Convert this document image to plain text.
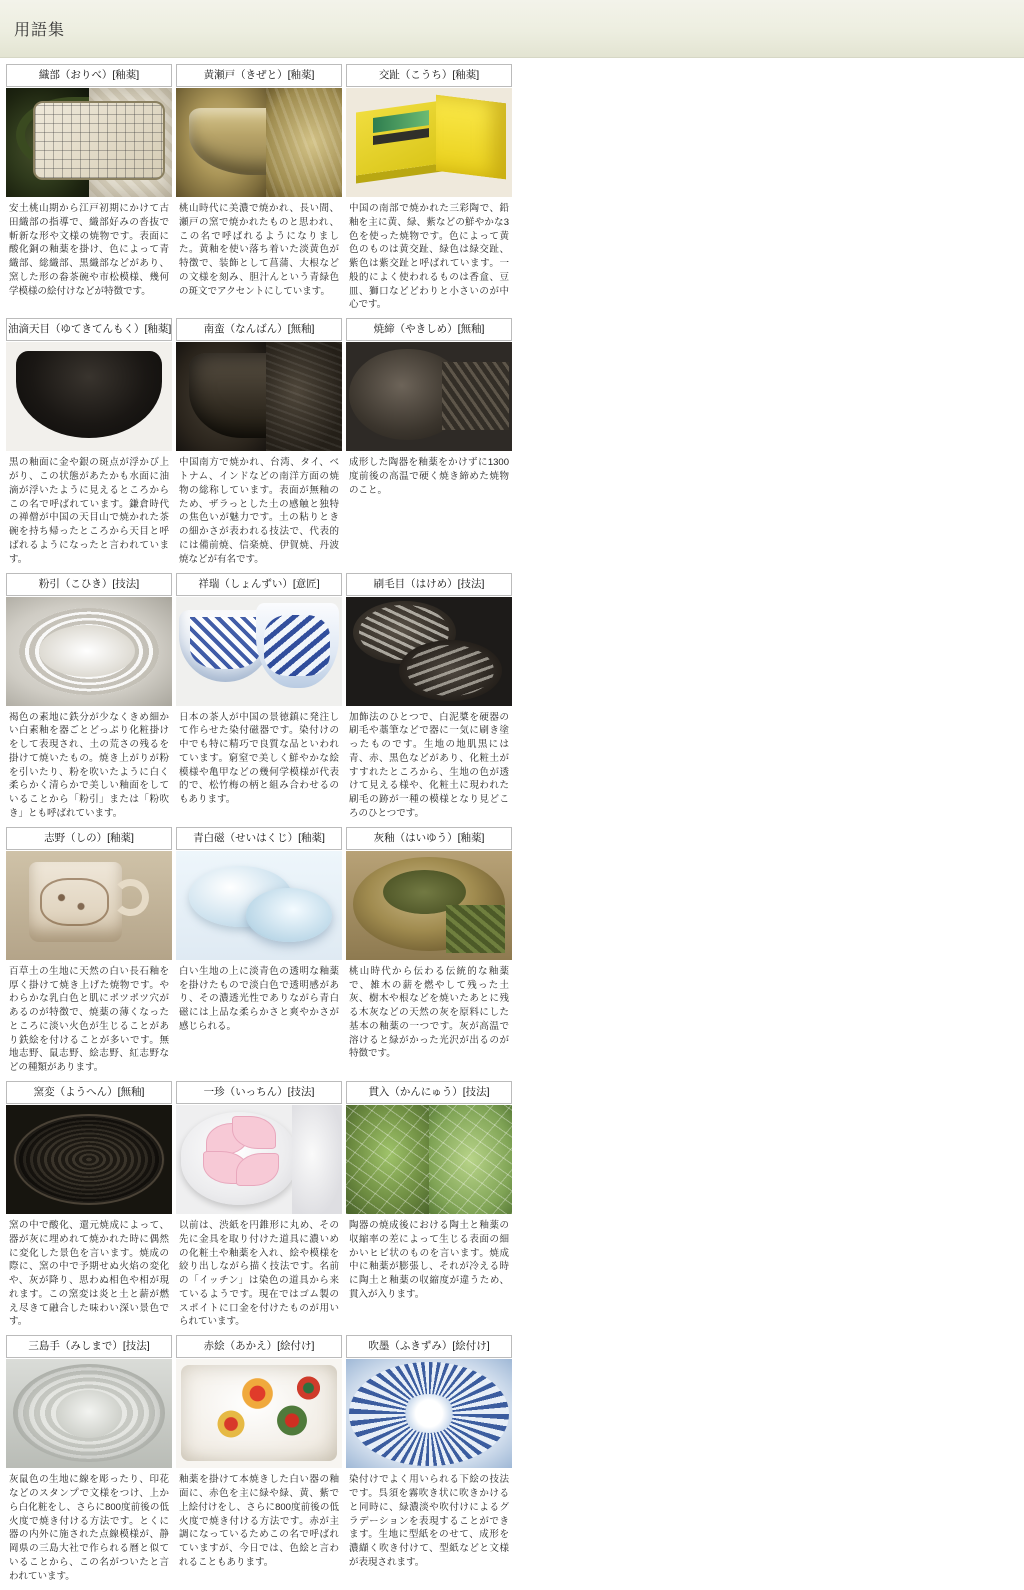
用語集
織部（おりべ）[釉薬]
安土桃山期から江戸初期にかけて古田織部の指導で、織部好みの沓抜で斬新な形や文様の焼物です。表面に酸化銅の釉薬を掛け、色によって青織部、総織部、黒織部などがあり、窯した形の畚茶碗や市松模様、幾何学模様の絵付けなどが特徴です。
黄瀬戸（きぜと）[釉薬]
桃山時代に美濃で焼かれ、長い間、瀬戸の窯で焼かれたものと思われ、この名で呼ばれるようになりました。黄釉を使い落ち着いた淡黄色が特徴で、装飾として菖蒲、大根などの文様を刻み、胆汁んという青緑色の斑文でアクセントにしています。
交趾（こうち）[釉薬]
中国の南部で焼かれた三彩陶で、鉛釉を主に黄、緑、紫などの鮮やかな3色を使った焼物です。色によって黄色のものは黄交趾、緑色は緑交趾、紫色は紫交趾と呼ばれています。一般的によく使われるものは香盒、豆皿、獅口などどわりと小さいのが中心です。
油滴天目（ゆてきてんもく）[釉薬]
黒の釉面に金や銀の斑点が浮かび上がり、この状態があたかも水面に油滴が浮いたように見えるところからこの名で呼ばれています。鎌倉時代の禅僧が中国の天目山で焼かれた茶碗を持ち帰ったところから天目と呼ばれるようになったと言われています。
南蛮（なんばん）[無釉]
中国南方で焼かれ、台湾、タイ、ベトナム、インドなどの南洋方面の焼物の総称しています。表面が無釉のため、ザラっとした土の感触と独特の焦色いが魅力です。土の粘りときの細かさが表われる技法で、代表的には備前焼、信楽焼、伊賀焼、丹波焼などが有名です。
焼締（やきしめ）[無釉]
成形した陶器を釉薬をかけずに1300度前後の高温で硬く焼き締めた焼物のこと。
粉引（こひき）[技法]
褐色の素地に鉄分が少なくきめ細かい白素釉を器ごとどっぷり化粧掛けをして表現され、土の荒さの残るを掛けて焼いたもの。焼き上がりが粉を引いたり、粉を吹いたように白く柔らかく清らかで美しい釉面をしていることから「粉引」または「粉吹き」とも呼ばれています。
祥瑞（しょんずい）[意匠]
日本の茶人が中国の景徳鎮に発注して作らせた染付磁器です。染付けの中でも特に精巧で良質な品といわれています。窮窒で美しく鮮やかな絵模様や亀甲などの幾何学模様が代表的で、松竹梅の柄と組み合わせるのもあります。
刷毛目（はけめ）[技法]
加飾法のひとつで、白泥槳を硬器の刷毛や藁筆などで器に一気に刷き塗ったものです。生地の地肌黒には青、赤、黒色などがあり、化粧土がすすれたところから、生地の色が透けて見える様や、化粧土に現われた刷毛の跡が一種の模様となり見どころのひとつです。
志野（しの）[釉薬]
百草土の生地に天然の白い長石釉を厚く掛けて焼き上げた焼物です。やわらかな乳白色と肌にポツポツ穴があるのが特徴で、焼薬の薄くなったところに淡い火色が生じることがあり鉄絵を付けることが多いです。無地志野、鼠志野、絵志野、紅志野などの種類があります。
青白磁（せいはくじ）[釉薬]
白い生地の上に淡青色の透明な釉薬を掛けたもので淡白色で透明感があり、その濃透光性でありながら青白磁には上品な柔らかさと爽やかさが感じられる。
灰釉（はいゆう）[釉薬]
桃山時代から伝わる伝統的な釉薬で、雑木の薪を燃やして残った土灰、樹木や根などを焼いたあとに残る木灰などの天然の灰を原料にした基本の釉薬の一つです。灰が高温で溶けると緑がかった光沢が出るのが特徴です。
窯変（ようへん）[無釉]
窯の中で酸化、還元焼成によって、器が灰に埋めれて焼かれた時に偶然に変化した景色を言います。焼成の際に、窯の中で予期せぬ火焰の変化や、灰が降り、思わぬ相色や相が現れます。この窯変は炎と土と薪が燃え尽きて融合した味わい深い景色です。
一珍（いっちん）[技法]
以前は、渋紙を円錐形に丸め、その先に金具を取り付けた道具に濃いめの化粧土や釉薬を入れ、絵や模様を絞り出しながら描く技法です。名前の「イッチン」は染色の道具から来ているようです。現在ではゴム製のスポイトに口金を付けたものが用いられています。
貫入（かんにゅう）[技法]
陶器の焼成後における陶土と釉薬の収縮率の差によって生じる表面の細かいヒビ状のものを言います。焼成中に釉薬が膨張し、それが冷える時に陶土と釉薬の収縮度が違うため、貫入が入ります。
三島手（みしまで）[技法]
灰鼠色の生地に線を彫ったり、印花などのスタンプで文様をつけ、上から白化粧をし、さらに800度前後の低火度で焼き付ける方法です。とくに器の内外に施された点線模様が、静岡県の三島大社で作られる暦と似ていることから、この名がついたと言われています。
赤絵（あかえ）[絵付け]
釉薬を掛けて本焼きした白い器の釉面に、赤色を主に緑や緑、黄、紫で上絵付けをし、さらに800度前後の低火度で焼き付ける方法です。赤が主調になっているためこの名で呼ばれていますが、今日では、色絵と言われることもあります。
吹墨（ふきずみ）[絵付け]
染付けでよく用いられる下絵の技法です。呉須を霧吹き状に吹きかけると同時に、緑濃淡や吹付けによるグラデーションを表現することができます。生地に型紙をのせて、成形を濃纈く吹き付けて、型紙などと文様が表現されます。
